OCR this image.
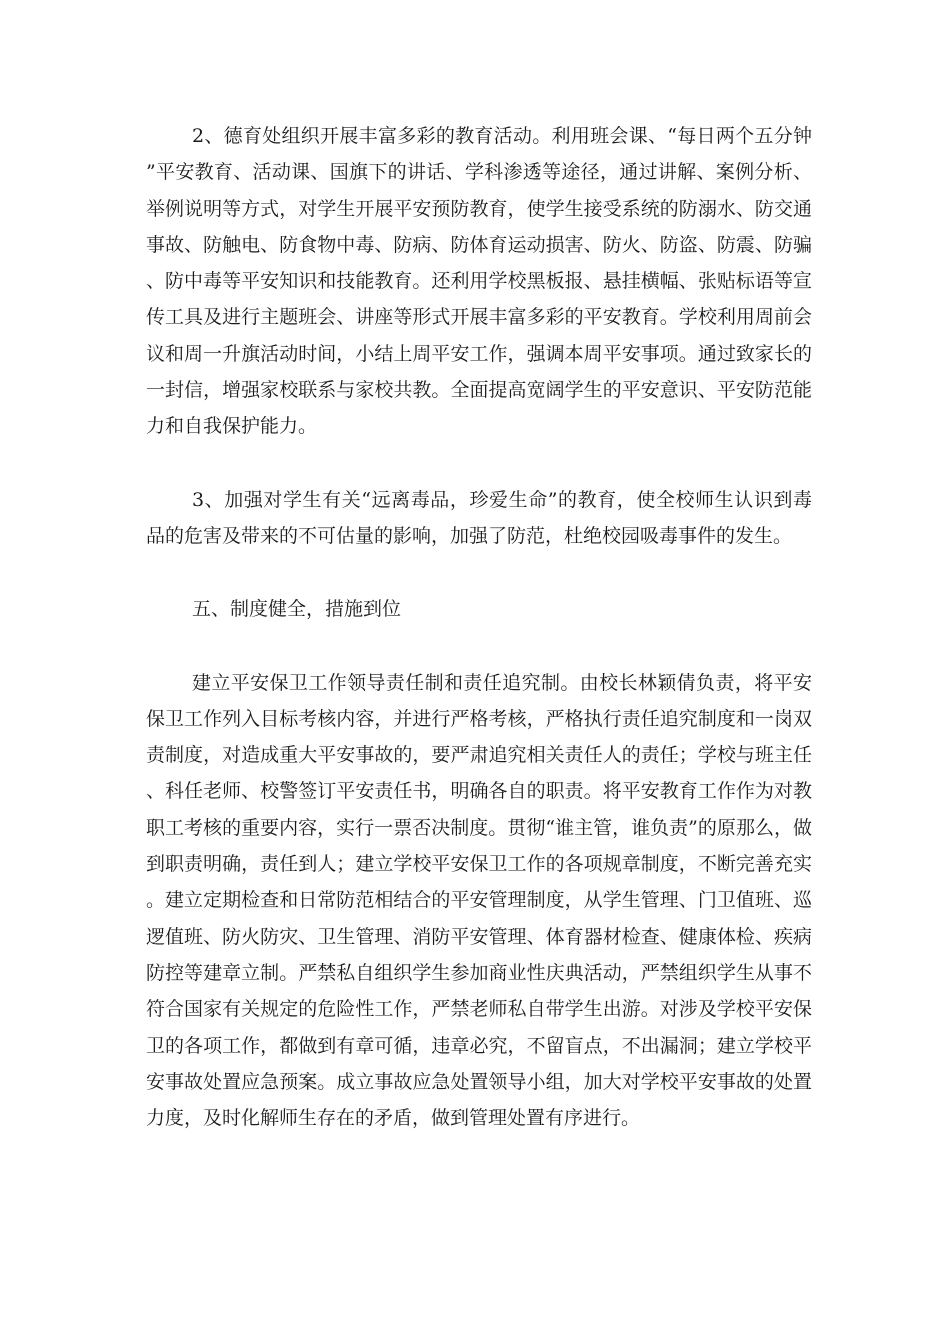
2、德育处组织开展丰富多彩的教育活动。利用班会课、“每日两个五分钟”平安教育、活动课、国旗下的讲话、学科渗透等途径，通过讲解、案例分析、举例说明等方式，对学生开展平安预防教育，使学生接受系统的防溺水、防交通事故、防触电、防食物中毒、防病、防体育运动损害、防火、防盗、防震、防骗、防中毒等平安知识和技能教育。还利用学校黑板报、悬挂横幅、张贴标语等宣传工具及进行主题班会、讲座等形式开展丰富多彩的平安教育。学校利用周前会议和周一升旗活动时间，小结上周平安工作，强调本周平安事项。通过致家长的一封信，增强家校联系与家校共教。全面提高宽阔学生的平安意识、平安防范能力和自我保护能力。

3、加强对学生有关“远离毒品，珍爱生命”的教育，使全校师生认识到毒品的危害及带来的不可估量的影响，加强了防范，杜绝校园吸毒事件的发生。

五、制度健全，措施到位

建立平安保卫工作领导责任制和责任追究制。由校长林颖倩负责，将平安保卫工作列入目标考核内容，并进行严格考核，严格执行责任追究制度和一岗双责制度，对造成重大平安事故的，要严肃追究相关责任人的责任；学校与班主任、科任老师、校警签订平安责任书，明确各自的职责。将平安教育工作作为对教职工考核的重要内容，实行一票否决制度。贯彻“谁主管，谁负责”的原那么，做到职责明确，责任到人；建立学校平安保卫工作的各项规章制度，不断完善充实。建立定期检查和日常防范相结合的平安管理制度，从学生管理、门卫值班、巡逻值班、防火防灾、卫生管理、消防平安管理、体育器材检查、健康体检、疾病防控等建章立制。严禁私自组织学生参加商业性庆典活动，严禁组织学生从事不符合国家有关规定的危险性工作，严禁老师私自带学生出游。对涉及学校平安保卫的各项工作，都做到有章可循，违章必究，不留盲点，不出漏洞；建立学校平安事故处置应急预案。成立事故应急处置领导小组，加大对学校平安事故的处置力度，及时化解师生存在的矛盾，做到管理处置有序进行。
